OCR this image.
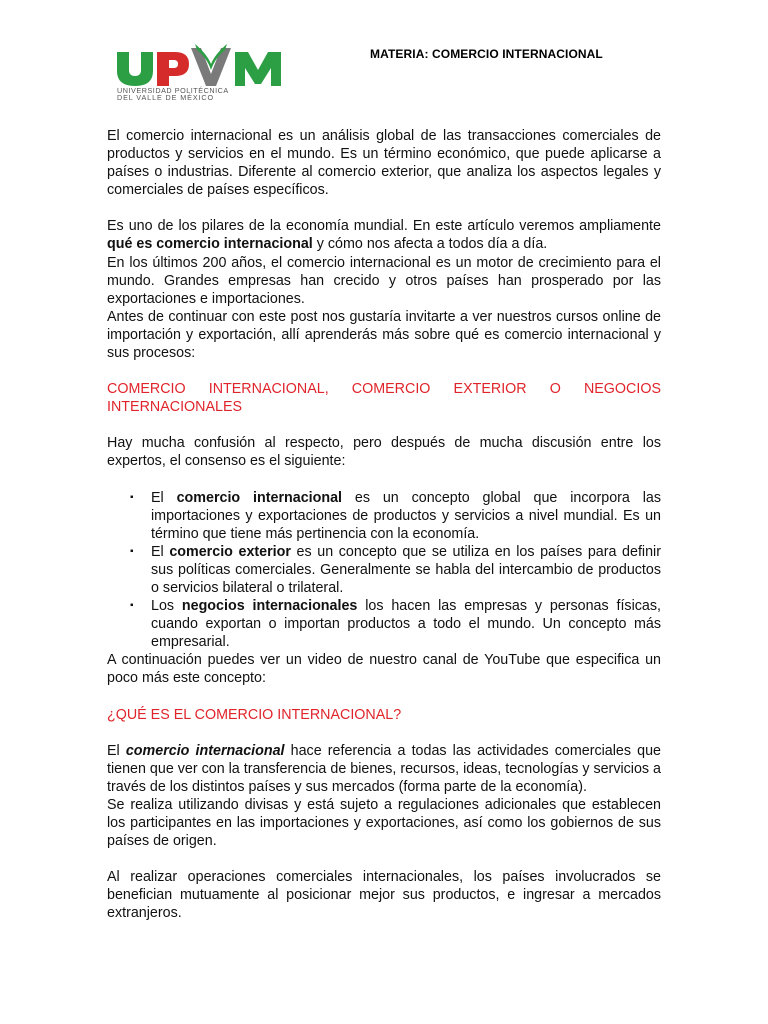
UNIVERSIDAD POLITÉCNICA
DEL VALLE DE MÉXICO
MATERIA: COMERCIO INTERNACIONAL

El comercio internacional es un análisis global de las transacciones comerciales de productos y servicios en el mundo. Es un término económico, que puede aplicarse a países o industrias. Diferente al comercio exterior, que analiza los aspectos legales y comerciales de países específicos.

Es uno de los pilares de la economía mundial. En este artículo veremos ampliamente qué es comercio internacional y cómo nos afecta a todos día a día.

En los últimos 200 años, el comercio internacional es un motor de crecimiento para el mundo. Grandes empresas han crecido y otros países han prosperado por las exportaciones e importaciones.

Antes de continuar con este post nos gustaría invitarte a ver nuestros cursos online de importación y exportación, allí aprenderás más sobre qué es comercio internacional y sus procesos:

COMERCIO INTERNACIONAL, COMERCIO EXTERIOR O NEGOCIOS INTERNACIONALES

Hay mucha confusión al respecto, pero después de mucha discusión entre los expertos, el consenso es el siguiente:

▪ El comercio internacional es un concepto global que incorpora las importaciones y exportaciones de productos y servicios a nivel mundial. Es un término que tiene más pertinencia con la economía.
▪ El comercio exterior es un concepto que se utiliza en los países para definir sus políticas comerciales. Generalmente se habla del intercambio de productos o servicios bilateral o trilateral.
▪ Los negocios internacionales los hacen las empresas y personas físicas, cuando exportan o importan productos a todo el mundo. Un concepto más empresarial.

A continuación puedes ver un video de nuestro canal de YouTube que especifica un poco más este concepto:

¿QUÉ ES EL COMERCIO INTERNACIONAL?

El comercio internacional hace referencia a todas las actividades comerciales que tienen que ver con la transferencia de bienes, recursos, ideas, tecnologías y servicios a través de los distintos países y sus mercados (forma parte de la economía).

Se realiza utilizando divisas y está sujeto a regulaciones adicionales que establecen los participantes en las importaciones y exportaciones, así como los gobiernos de sus países de origen.

Al realizar operaciones comerciales internacionales, los países involucrados se benefician mutuamente al posicionar mejor sus productos, e ingresar a mercados extranjeros.
